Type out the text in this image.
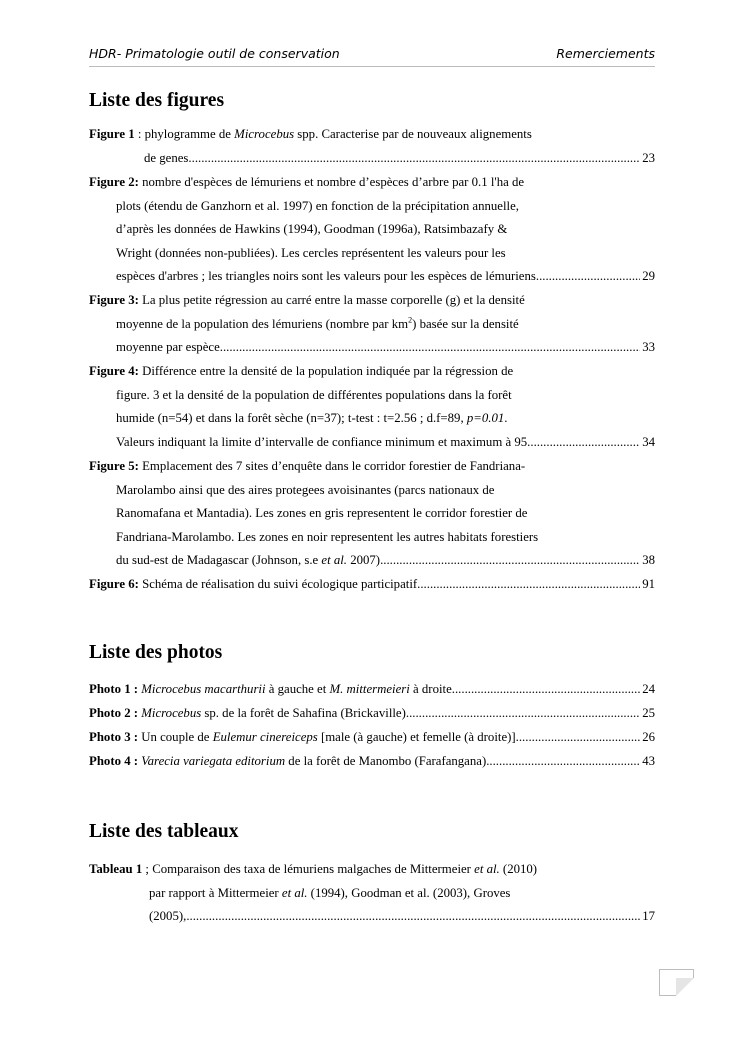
HDR- Primatologie outil de conservation	Remerciements
Liste des figures
Figure 1 : phylogramme de Microcebus spp. Caracterise par de nouveaux alignements
de genes .....	23
Figure 2: nombre d'espèces de lémuriens et nombre d’espèces d’arbre par 0.1 l'ha de
plots (étendu de Ganzhorn et al. 1997) en fonction de la précipitation annuelle,
d’après les données de Hawkins (1994), Goodman (1996a), Ratsimbazafy &
Wright (données non-publiées). Les cercles représentent les valeurs pour les
espèces d'arbres ; les triangles noirs sont les valeurs pour les espèces de lémuriens. .....	29
Figure 3: La plus petite régression au carré entre la masse corporelle (g) et la densité
moyenne de la population des lémuriens (nombre par $km^2$) basée sur la densité
moyenne par espèce .....	33
Figure 4: Différence entre la densité de la population indiquée par la régression de
figure. 3 et la densité de la population de différentes populations dans la forêt
humide (n=54) et dans la forêt sèche (n=37); t-test : t=2.56 ; d.f=89, p=0.01.
Valeurs indiquant la limite d’intervalle de confiance minimum et maximum à 95 .....	34
Figure 5: Emplacement des 7 sites d’enquête dans le corridor forestier de Fandriana-
Marolambo ainsi que des aires protegees avoisinantes (parcs nationaux de
Ranomafana et Mantadia). Les zones en gris representent le corridor forestier de
Fandriana-Marolambo. Les zones en noir representent les autres habitats forestiers
du sud-est de Madagascar (Johnson, s.e et al. 2007) .....	38
Figure 6: Schéma de réalisation du suivi écologique participatif .....	91
Liste des photos
Photo 1 : Microcebus macarthurii à gauche et M. mittermeieri à droite .....	24
Photo 2 : Microcebus sp. de la forêt de Sahafina (Brickaville). .....	25
Photo 3 : Un couple de Eulemur cinereiceps [male (à gauche) et femelle (à droite)] .....	26
Photo 4 : Varecia variegata editorium de la forêt de Manombo (Farafangana) .....	43
Liste des tableaux
Tableau 1 ; Comparaison des taxa de lémuriens malgaches de Mittermeier et al. (2010)
par rapport à Mittermeier et al. (1994), Goodman et al. (2003), Groves
(2005), .....	17
i
